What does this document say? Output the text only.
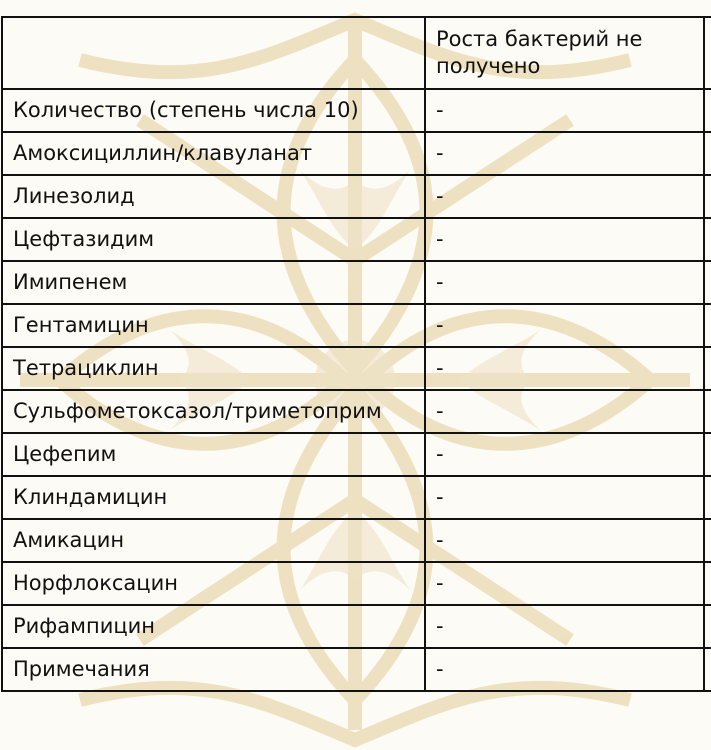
	Роста бактерий не получено	
Количество (степень числа 10)	-	
Амоксициллин/клавуланат	-	
Линезолид	-	
Цефтазидим	-	
Имипенем	-	
Гентамицин	-	
Тетрациклин	-	
Сульфометоксазол/триметоприм	-	
Цефепим	-	
Клиндамицин	-	
Амикацин	-	
Норфлоксацин	-	
Рифампицин	-	
Примечания	-	
